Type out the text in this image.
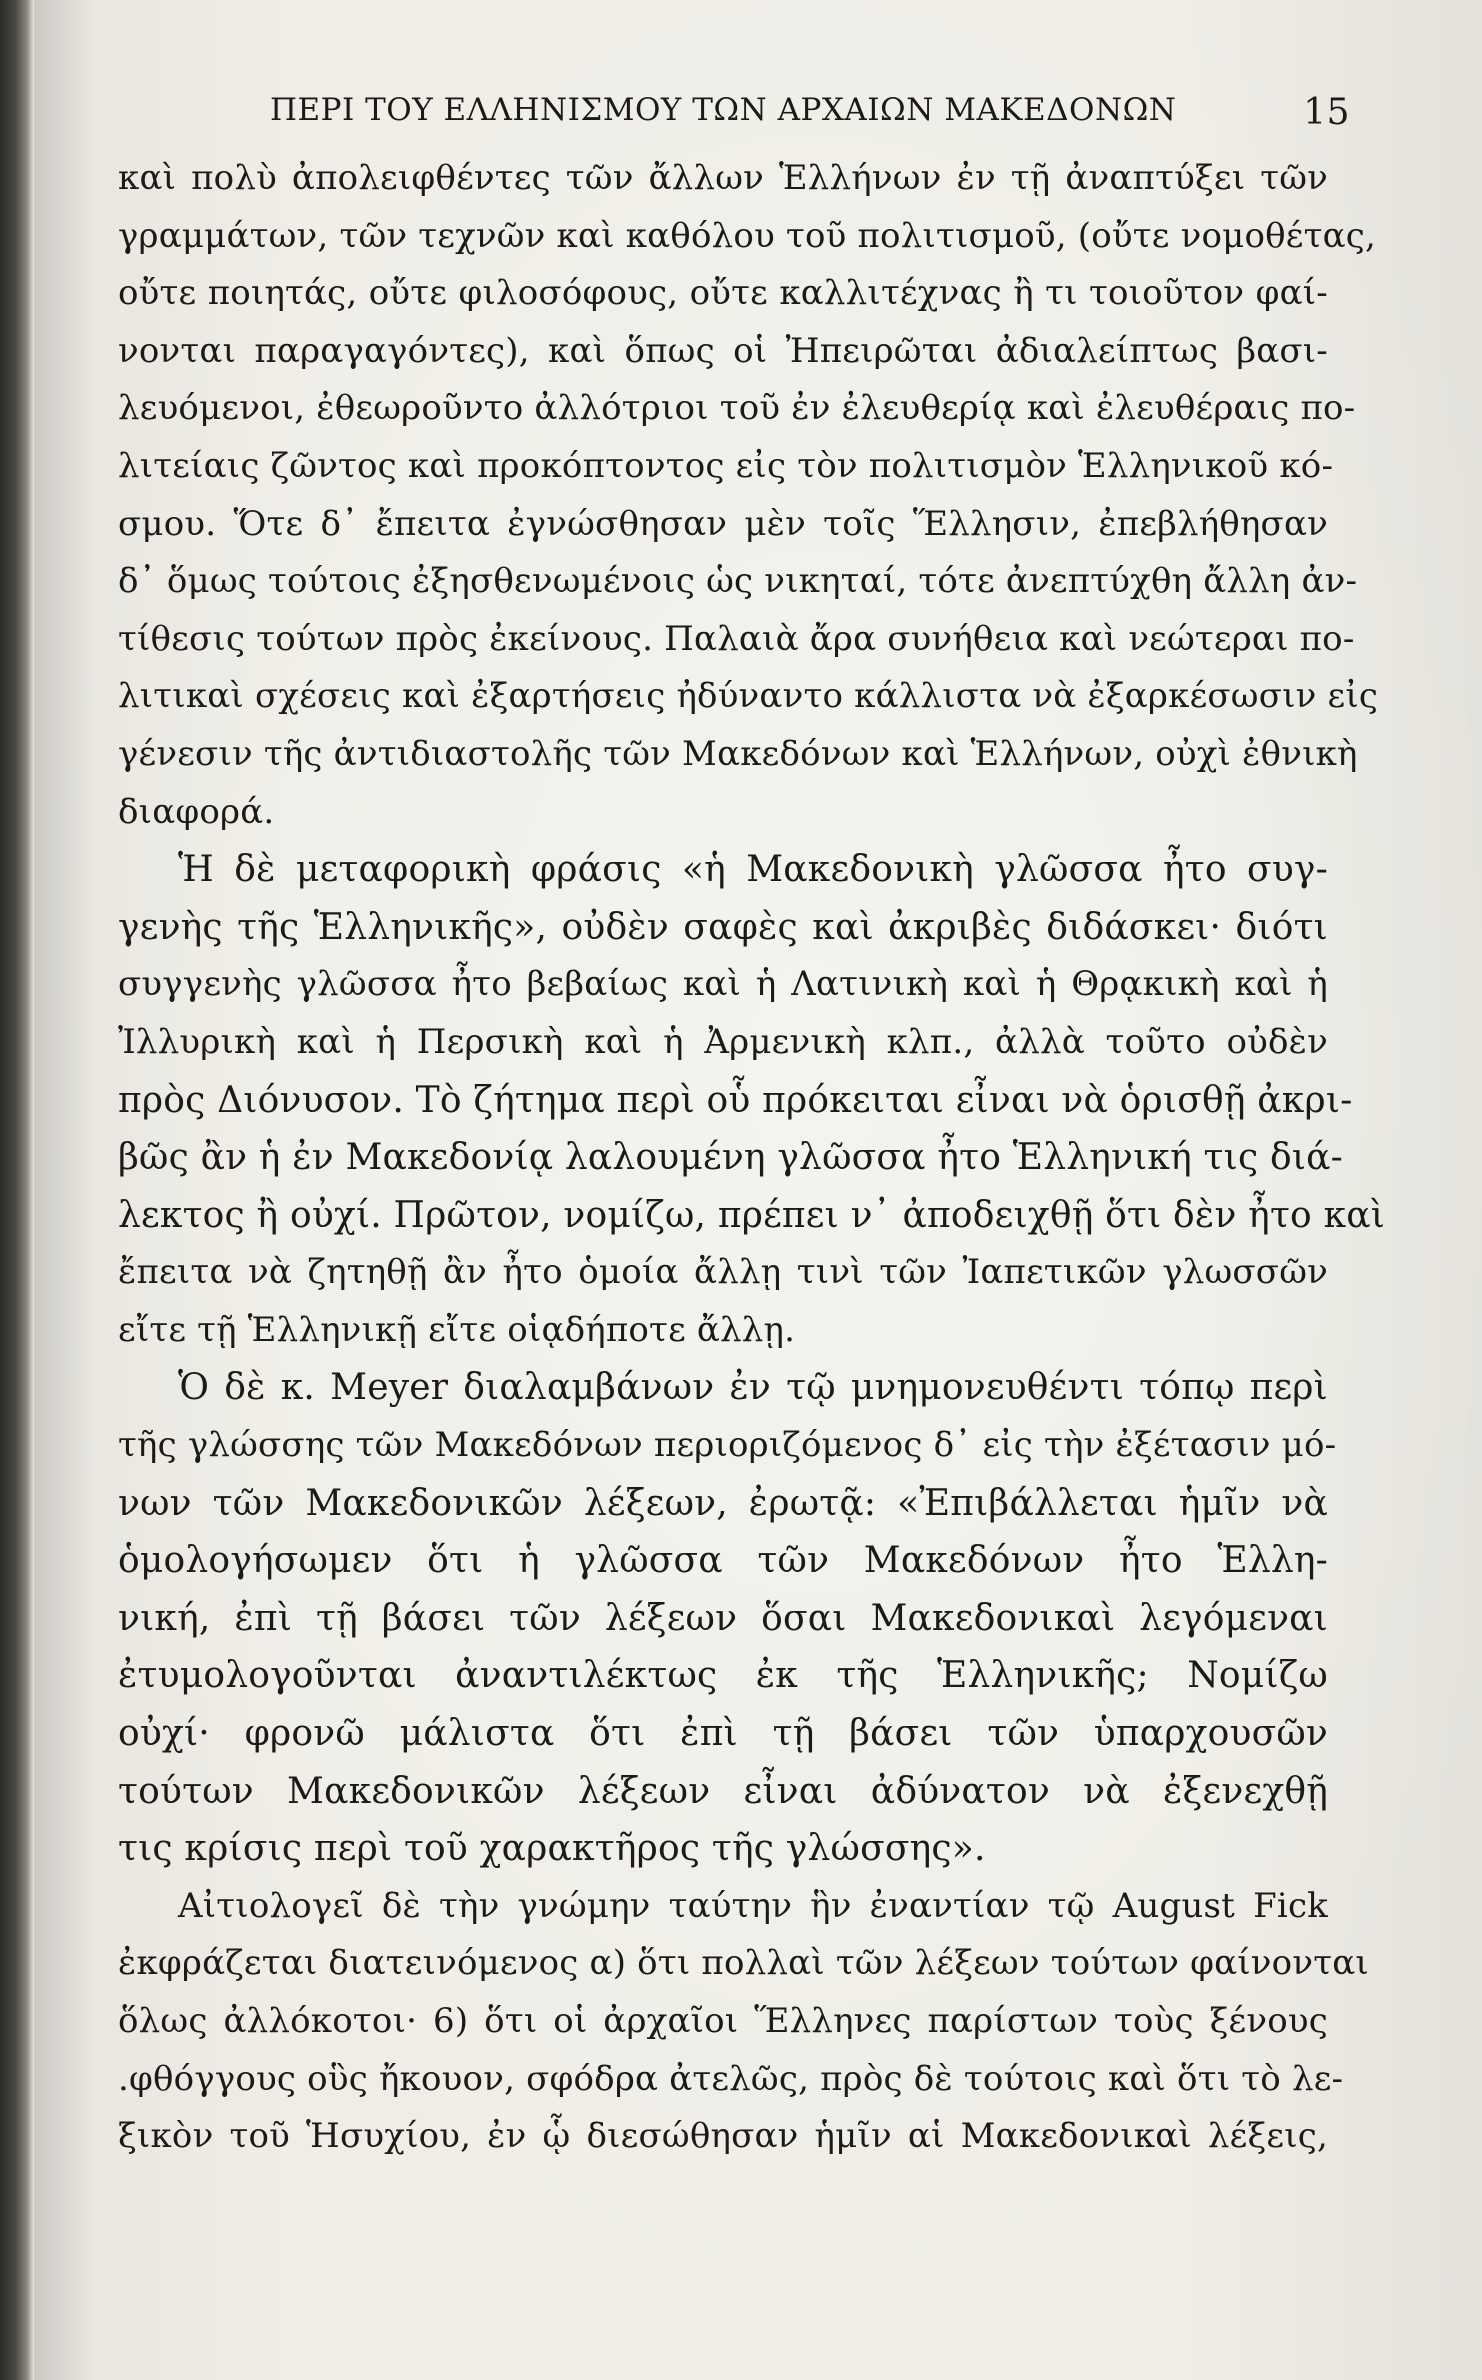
ΠΕΡΙ ΤΟΥ ΕΛΛΗΝΙΣΜΟΥ ΤΩΝ ΑΡΧΑΙΩΝ ΜΑΚΕΔΟΝΩΝ	15
καὶ πολὺ ἀπολειφθέντες τῶν ἄλλων Ἑλλήνων ἐν τῇ ἀναπτύξει τῶν
γραμμάτων, τῶν τεχνῶν καὶ καθόλου τοῦ πολιτισμοῦ, (οὔτε νομοθέτας,
οὔτε ποιητάς, οὔτε φιλοσόφους, οὔτε καλλιτέχνας ἢ τι τοιοῦτον φαί-
νονται παραγαγόντες), καὶ ὅπως οἱ Ἠπειρῶται ἀδιαλείπτως βασι-
λευόμενοι, ἐθεωροῦντο ἀλλότριοι τοῦ ἐν ἐλευθερίᾳ καὶ ἐλευθέραις πο-
λιτείαις ζῶντος καὶ προκόπτοντος εἰς τὸν πολιτισμὸν Ἑλληνικοῦ κό-
σμου. Ὅτε δ᾿ ἔπειτα ἐγνώσθησαν μὲν τοῖς Ἕλλησιν, ἐπεβλήθησαν
δ᾿ ὅμως τούτοις ἐξησθενωμένοις ὡς νικηταί, τότε ἀνεπτύχθη ἄλλη ἀν-
τίθεσις τούτων πρὸς ἐκείνους. Παλαιὰ ἄρα συνήθεια καὶ νεώτεραι πο-
λιτικαὶ σχέσεις καὶ ἐξαρτήσεις ἠδύναντο κάλλιστα νὰ ἐξαρκέσωσιν εἰς
γένεσιν τῆς ἀντιδιαστολῆς τῶν Μακεδόνων καὶ Ἑλλήνων, οὐχὶ ἐθνικὴ
διαφορά.
Ἡ δὲ μεταφορικὴ φράσις «ἡ Μακεδονικὴ γλῶσσα ἦτο συγ-
γενὴς τῆς Ἑλληνικῆς», οὐδὲν σαφὲς καὶ ἀκριβὲς διδάσκει· διότι
συγγενὴς γλῶσσα ἦτο βεβαίως καὶ ἡ Λατινικὴ καὶ ἡ Θρᾳκικὴ καὶ ἡ
Ἰλλυρικὴ καὶ ἡ Περσικὴ καὶ ἡ Ἀρμενικὴ κλπ., ἀλλὰ τοῦτο οὐδὲν
πρὸς Διόνυσον. Τὸ ζήτημα περὶ οὗ πρόκειται εἶναι νὰ ὁρισθῇ ἀκρι-
βῶς ἂν ἡ ἐν Μακεδονίᾳ λαλουμένη γλῶσσα ἦτο Ἑλληνική τις διά-
λεκτος ἢ οὐχί. Πρῶτον, νομίζω, πρέπει ν᾿ ἀποδειχθῇ ὅτι δὲν ἦτο καὶ
ἔπειτα νὰ ζητηθῇ ἂν ἦτο ὁμοία ἄλλῃ τινὶ τῶν Ἰαπετικῶν γλωσσῶν
εἴτε τῇ Ἑλληνικῇ εἴτε οἱᾳδήποτε ἄλλῃ.
Ὁ δὲ κ. Meyer διαλαμβάνων ἐν τῷ μνημονευθέντι τόπῳ περὶ
τῆς γλώσσης τῶν Μακεδόνων περιοριζόμενος δ᾿ εἰς τὴν ἐξέτασιν μό-
νων τῶν Μακεδονικῶν λέξεων, ἐρωτᾷ: «Ἐπιβάλλεται ἡμῖν νὰ
ὁμολογήσωμεν ὅτι ἡ γλῶσσα τῶν Μακεδόνων ἦτο Ἑλλη-
νική, ἐπὶ τῇ βάσει τῶν λέξεων ὅσαι Μακεδονικαὶ λεγόμεναι
ἐτυμολογοῦνται ἀναντιλέκτως ἐκ τῆς Ἑλληνικῆς; Νομίζω
οὐχί· φρονῶ μάλιστα ὅτι ἐπὶ τῇ βάσει τῶν ὑπαρχουσῶν
τούτων Μακεδονικῶν λέξεων εἶναι ἀδύνατον νὰ ἐξενεχθῇ
τις κρίσις περὶ τοῦ χαρακτῆρος τῆς γλώσσης».
Αἰτιολογεῖ δὲ τὴν γνώμην ταύτην ἣν ἐναντίαν τῷ August Fick
ἐκφράζεται διατεινόμενος α) ὅτι πολλαὶ τῶν λέξεων τούτων φαίνονται
ὅλως ἀλλόκοτοι· 6) ὅτι οἱ ἀρχαῖοι Ἕλληνες παρίστων τοὺς ξένους
.φθόγγους οὓς ἤκουον, σφόδρα ἀτελῶς, πρὸς δὲ τούτοις καὶ ὅτι τὸ λε-
ξικὸν τοῦ Ἡσυχίου, ἐν ᾧ διεσώθησαν ἡμῖν αἱ Μακεδονικαὶ λέξεις,
